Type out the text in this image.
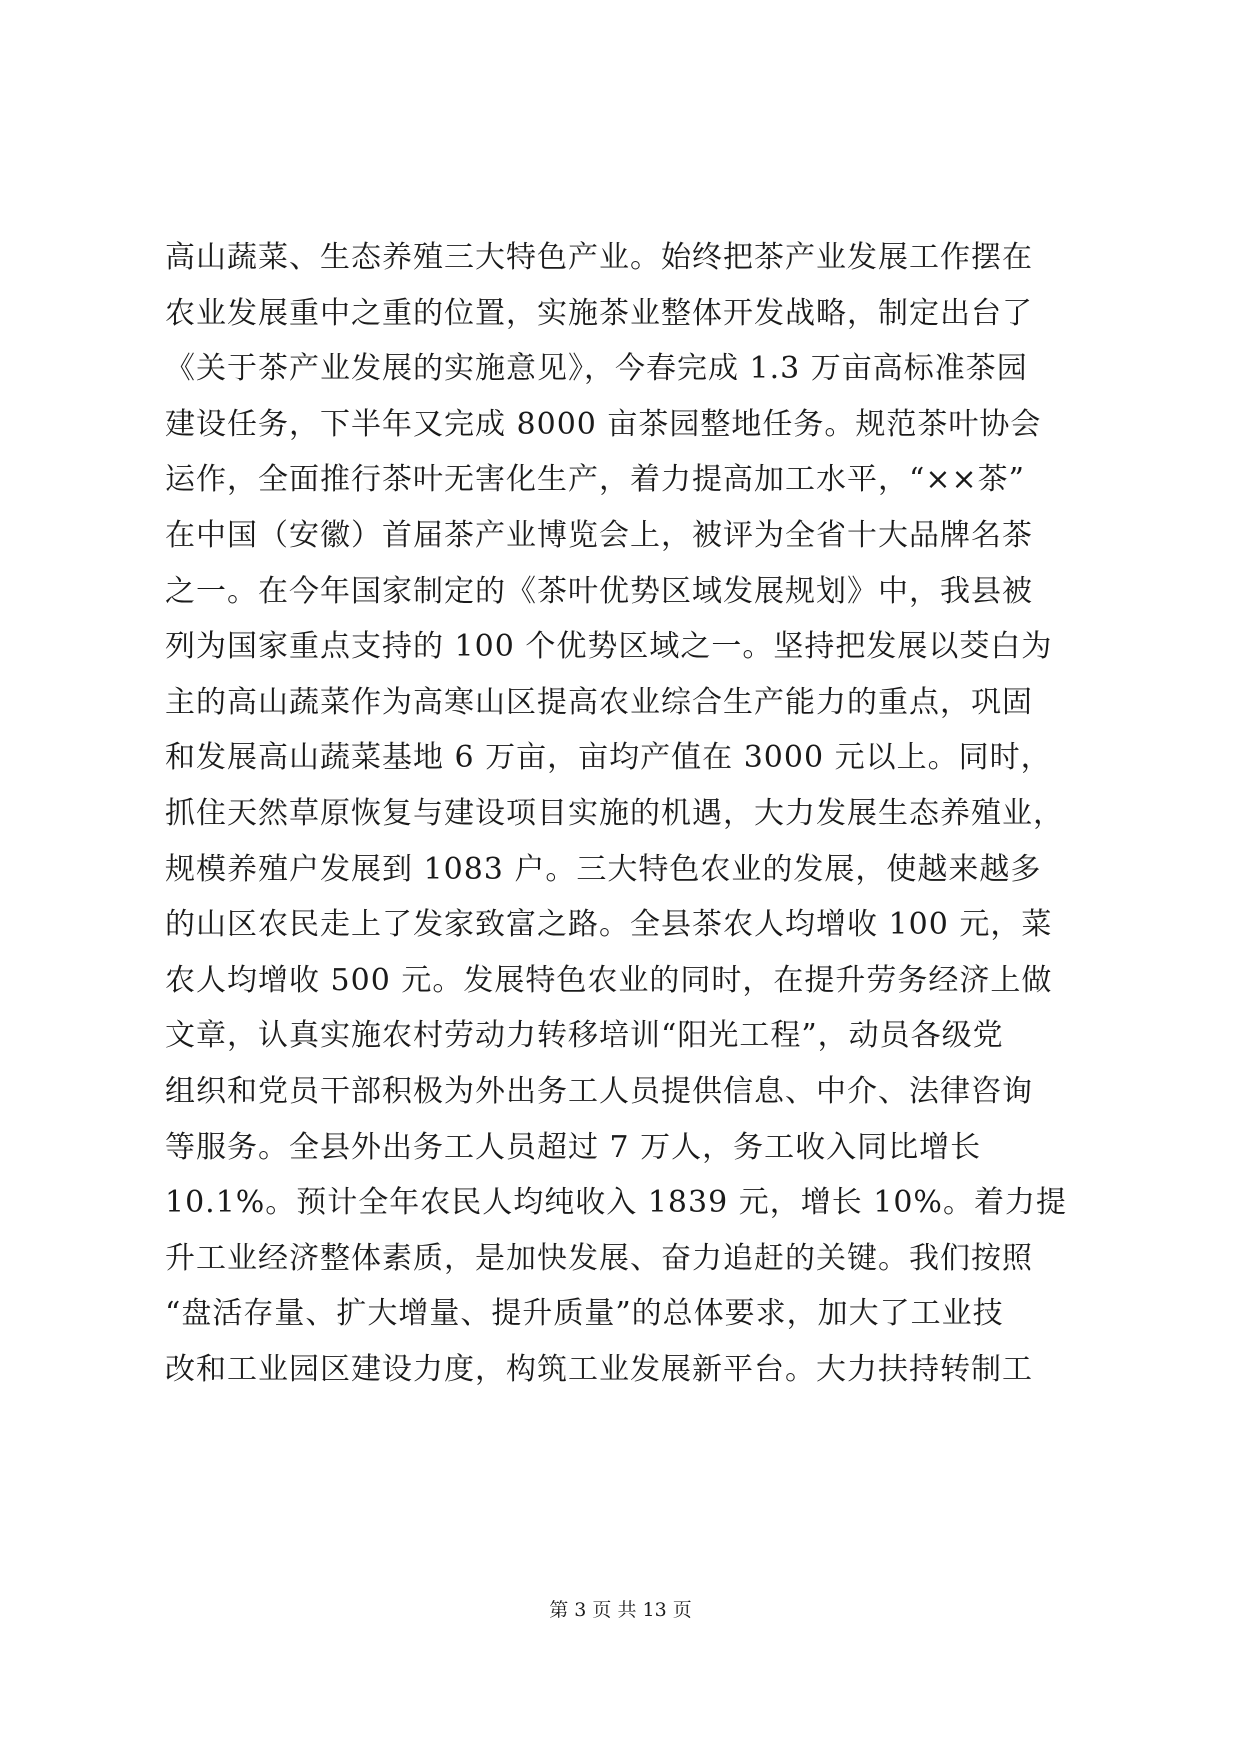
高山蔬菜、生态养殖三大特色产业。始终把茶产业发展工作摆在
农业发展重中之重的位置，实施茶业整体开发战略，制定出台了
《关于茶产业发展的实施意见》，今春完成 1.3 万亩高标准茶园
建设任务，下半年又完成 8000 亩茶园整地任务。规范茶叶协会
运作，全面推行茶叶无害化生产，着力提高加工水平，“××茶”
在中国（安徽）首届茶产业博览会上，被评为全省十大品牌名茶
之一。在今年国家制定的《茶叶优势区域发展规划》中，我县被
列为国家重点支持的 100 个优势区域之一。坚持把发展以茭白为
主的高山蔬菜作为高寒山区提高农业综合生产能力的重点，巩固
和发展高山蔬菜基地 6 万亩，亩均产值在 3000 元以上。同时，
抓住天然草原恢复与建设项目实施的机遇，大力发展生态养殖业，
规模养殖户发展到 1083 户。三大特色农业的发展，使越来越多
的山区农民走上了发家致富之路。全县茶农人均增收 100 元，菜
农人均增收 500 元。发展特色农业的同时，在提升劳务经济上做
文章，认真实施农村劳动力转移培训“阳光工程”，动员各级党
组织和党员干部积极为外出务工人员提供信息、中介、法律咨询
等服务。全县外出务工人员超过 7 万人，务工收入同比增长
10.1%。预计全年农民人均纯收入 1839 元，增长 10%。着力提
升工业经济整体素质，是加快发展、奋力追赶的关键。我们按照
“盘活存量、扩大增量、提升质量”的总体要求，加大了工业技
改和工业园区建设力度，构筑工业发展新平台。大力扶持转制工
第 3 页 共 13 页
